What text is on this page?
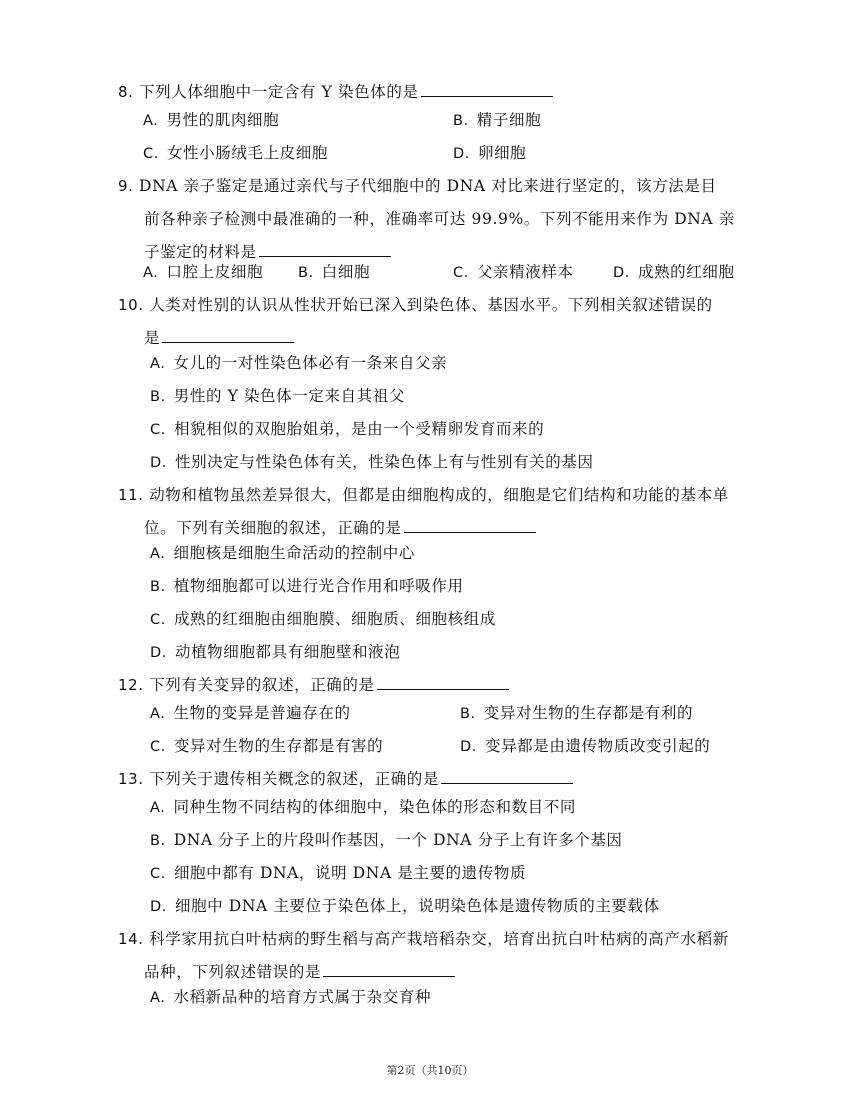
8. 下列人体细胞中一定含有 Y 染色体的是
A. 男性的肌肉细胞	B. 精子细胞
C. 女性小肠绒毛上皮细胞	D. 卵细胞
9. DNA 亲子鉴定是通过亲代与子代细胞中的 DNA 对比来进行坚定的，该方法是目
前各种亲子检测中最准确的一种，准确率可达 99.9%。下列不能用来作为 DNA 亲
子鉴定的材料是
A. 口腔上皮细胞 B. 白细胞	C. 父亲精液样本	D. 成熟的红细胞
10. 人类对性别的认识从性状开始已深入到染色体、基因水平。下列相关叙述错误的
是
A. 女儿的一对性染色体必有一条来自父亲
B. 男性的 Y 染色体一定来自其祖父
C. 相貌相似的双胞胎姐弟，是由一个受精卵发育而来的
D. 性别决定与性染色体有关，性染色体上有与性别有关的基因
11. 动物和植物虽然差异很大，但都是由细胞构成的，细胞是它们结构和功能的基本单
位。下列有关细胞的叙述，正确的是
A. 细胞核是细胞生命活动的控制中心
B. 植物细胞都可以进行光合作用和呼吸作用
C. 成熟的红细胞由细胞膜、细胞质、细胞核组成
D. 动植物细胞都具有细胞壁和液泡
12. 下列有关变异的叙述，正确的是
A. 生物的变异是普遍存在的	B. 变异对生物的生存都是有利的
C. 变异对生物的生存都是有害的	D. 变异都是由遗传物质改变引起的
13. 下列关于遗传相关概念的叙述，正确的是
A. 同种生物不同结构的体细胞中，染色体的形态和数目不同
B. DNA 分子上的片段叫作基因，一个 DNA 分子上有许多个基因
C. 细胞中都有 DNA，说明 DNA 是主要的遗传物质
D. 细胞中 DNA 主要位于染色体上，说明染色体是遗传物质的主要载体
14. 科学家用抗白叶枯病的野生稻与高产栽培稻杂交，培育出抗白叶枯病的高产水稻新
品种，下列叙述错误的是
A. 水稻新品种的培育方式属于杂交育种
第2页（共10页）
